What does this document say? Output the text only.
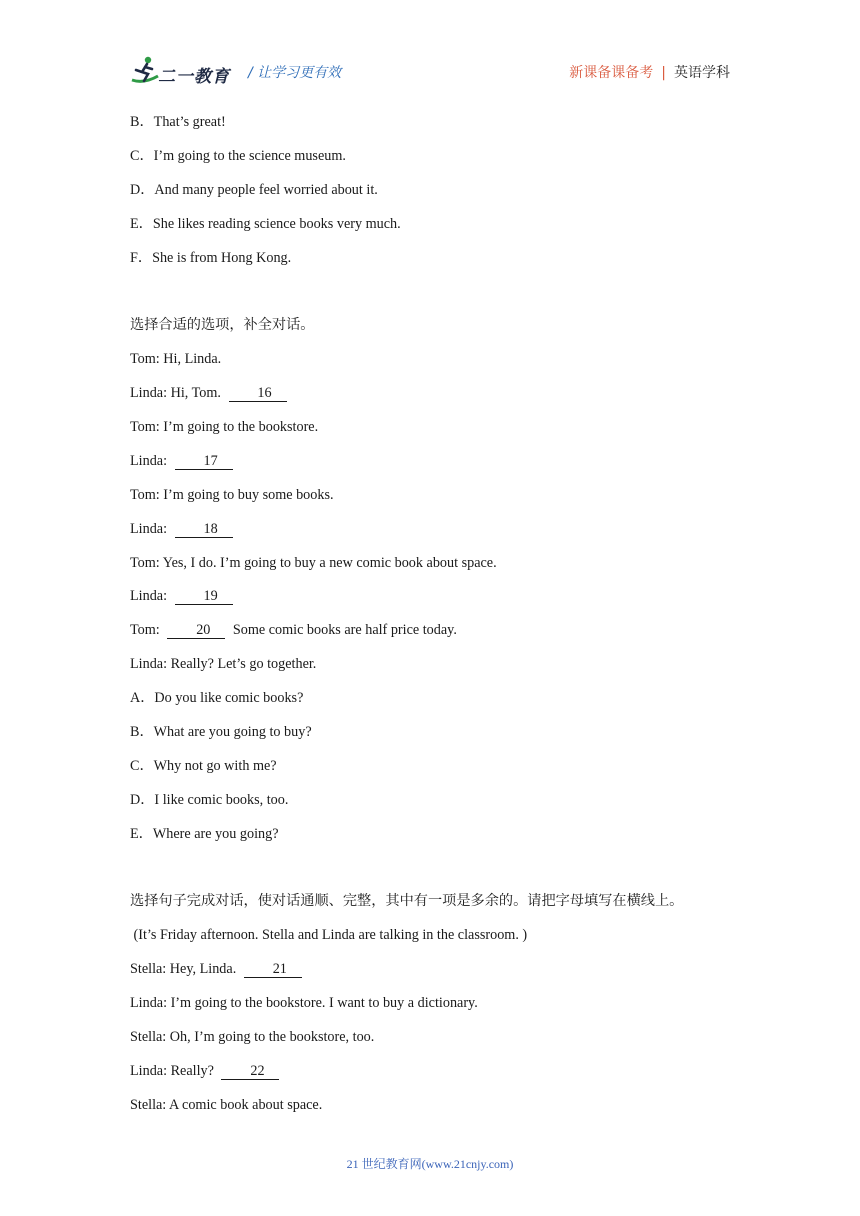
二一教育 / 让学习更有效	新课备课备考 | 英语学科
B．That’s great!
C．I’m going to the science museum.
D．And many people feel worried about it.
E．She likes reading science books very much.
F．She is from Hong Kong.
选择合适的选项，补全对话。
Tom: Hi, Linda.
Linda: Hi, Tom.	16
Tom: I’m going to the bookstore.
Linda:	17
Tom: I’m going to buy some books.
Linda:	18
Tom: Yes, I do. I’m going to buy a new comic book about space.
Linda:	19
Tom:	20 Some comic books are half price today.
Linda: Really? Let’s go together.
A．Do you like comic books?
B．What are you going to buy?
C．Why not go with me?
D．I like comic books, too.
E．Where are you going?
选择句子完成对话，使对话通顺、完整，其中有一项是多余的。请把字母填写在横线上。
(It’s Friday afternoon. Stella and Linda are talking in the classroom. )
Stella: Hey, Linda.	21
Linda: I’m going to the bookstore. I want to buy a dictionary.
Stella: Oh, I’m going to the bookstore, too.
Linda: Really?	22
Stella: A comic book about space.
21 世纪教育网(www.21cnjy.com)
